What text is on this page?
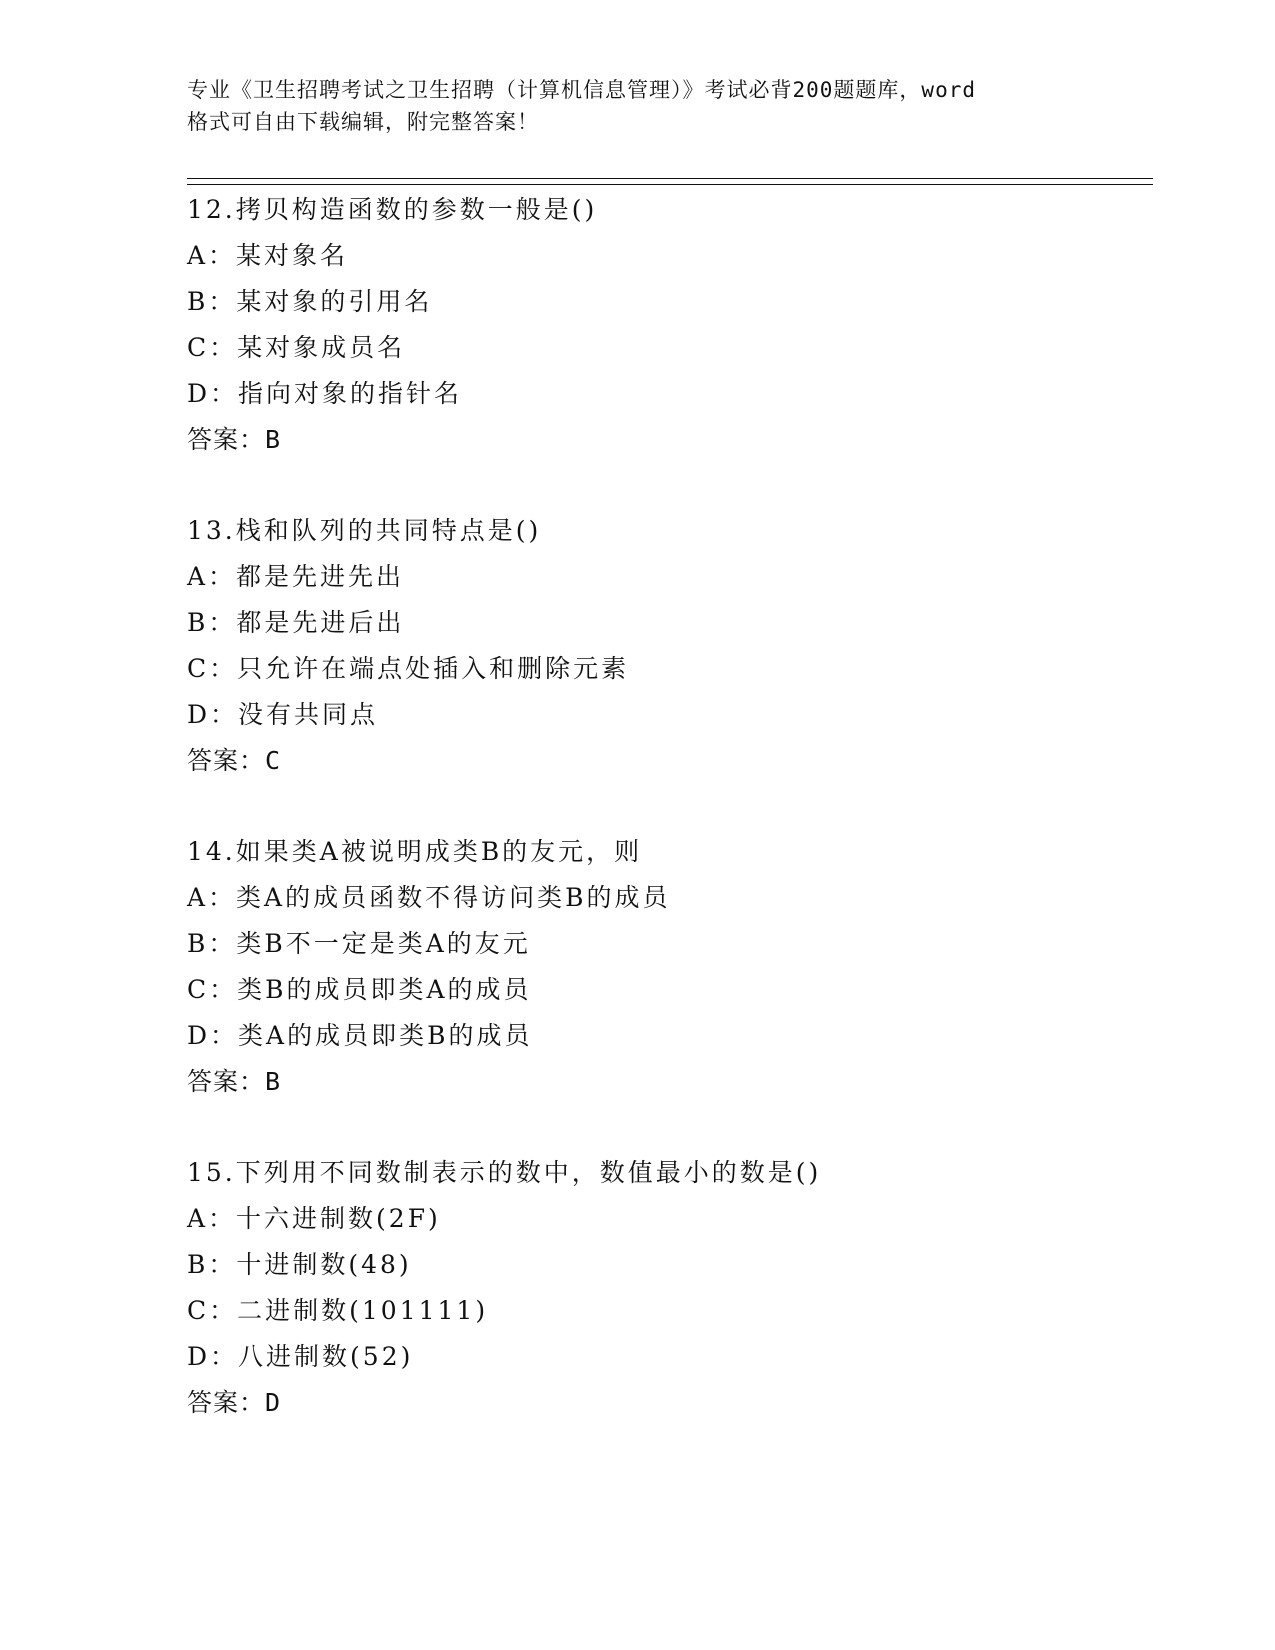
专业《卫生招聘考试之卫生招聘（计算机信息管理）》考试必背200题题库，word
格式可自由下载编辑，附完整答案！
12.拷贝构造函数的参数一般是()
A：某对象名
B：某对象的引用名
C：某对象成员名
D：指向对象的指针名
答案：B
13.栈和队列的共同特点是()
A：都是先进先出
B：都是先进后出
C：只允许在端点处插入和删除元素
D：没有共同点
答案：C
14.如果类A被说明成类B的友元，则
A：类A的成员函数不得访问类B的成员
B：类B不一定是类A的友元
C：类B的成员即类A的成员
D：类A的成员即类B的成员
答案：B
15.下列用不同数制表示的数中，数值最小的数是()
A：十六进制数(2F)
B：十进制数(48)
C：二进制数(101111)
D：八进制数(52)
答案：D
